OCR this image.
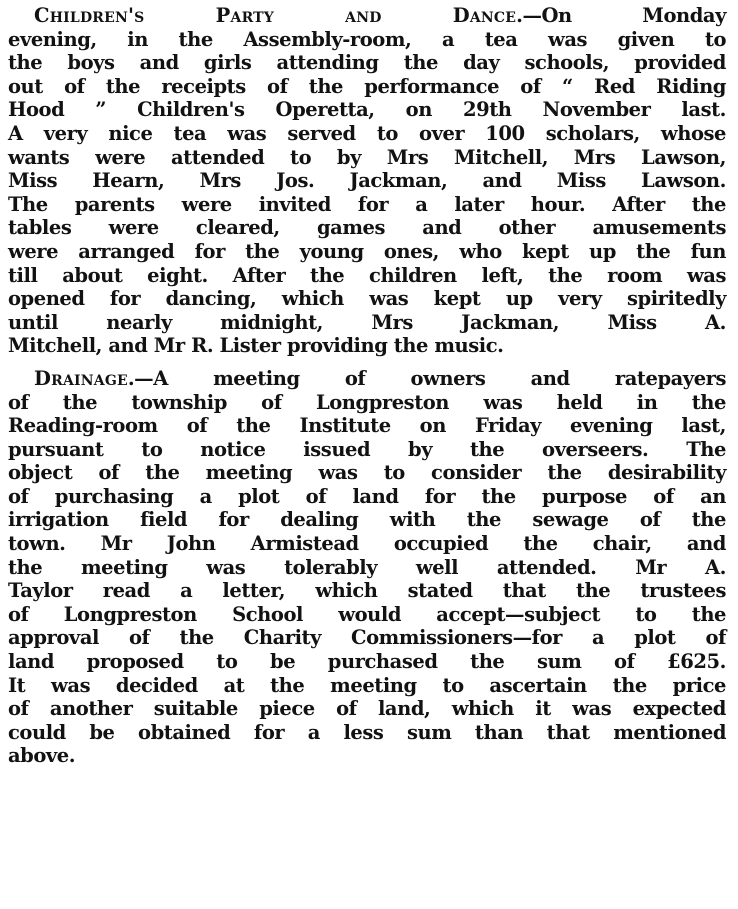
Children's Party and Dance.—On Monday
evening, in the Assembly-room, a tea was given to
the boys and girls attending the day schools, provided
out of the receipts of the performance of “ Red Riding
Hood ” Children's Operetta, on 29th November last.
A very nice tea was served to over 100 scholars, whose
wants were attended to by Mrs Mitchell, Mrs Lawson,
Miss Hearn, Mrs Jos. Jackman, and Miss Lawson.
The parents were invited for a later hour. After the
tables were cleared, games and other amusements
were arranged for the young ones, who kept up the fun
till about eight. After the children left, the room was
opened for dancing, which was kept up very spiritedly
until nearly midnight, Mrs Jackman, Miss A.
Mitchell, and Mr R. Lister providing the music.
Drainage.—A meeting of owners and ratepayers
of the township of Longpreston was held in the
Reading-room of the Institute on Friday evening last,
pursuant to notice issued by the overseers. The
object of the meeting was to consider the desirability
of purchasing a plot of land for the purpose of an
irrigation field for dealing with the sewage of the
town. Mr John Armistead occupied the chair, and
the meeting was tolerably well attended. Mr A.
Taylor read a letter, which stated that the trustees
of Longpreston School would accept—subject to the
approval of the Charity Commissioners—for a plot of
land proposed to be purchased the sum of £625.
It was decided at the meeting to ascertain the price
of another suitable piece of land, which it was expected
could be obtained for a less sum than that mentioned
above.
